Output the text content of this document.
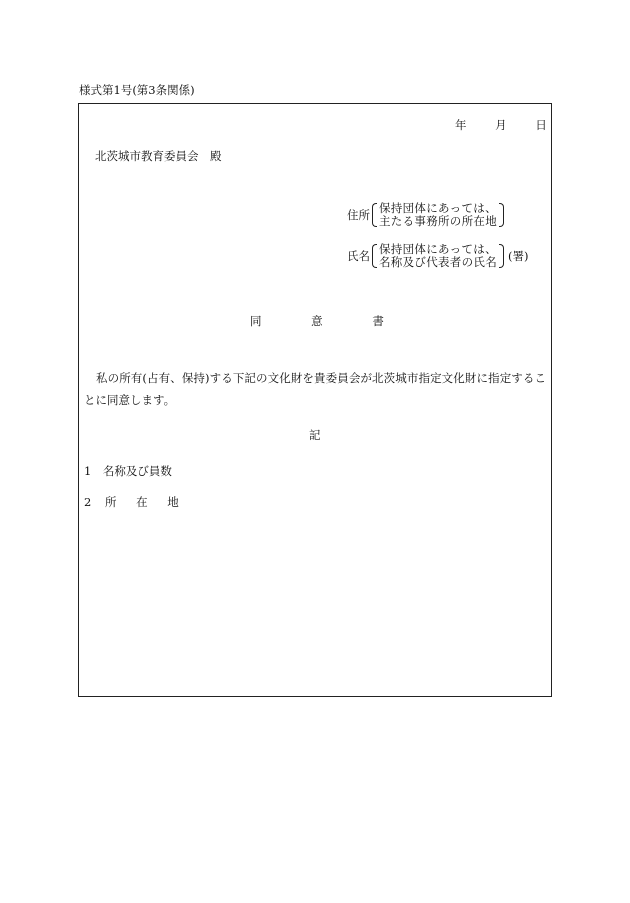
様式第1号(第3条関係)
年 月 日
北茨城市教育委員会　殿
住所 保持団体にあっては、
主たる事務所の所在地
氏名 保持団体にあっては、
名称及び代表者の氏名 (署)
同	意	書

私の所有(占有、保持)する下記の文化財を貴委員会が北茨城市指定文化財に指定することに同意します。

記
1　名称及び員数
2 所 在 地
